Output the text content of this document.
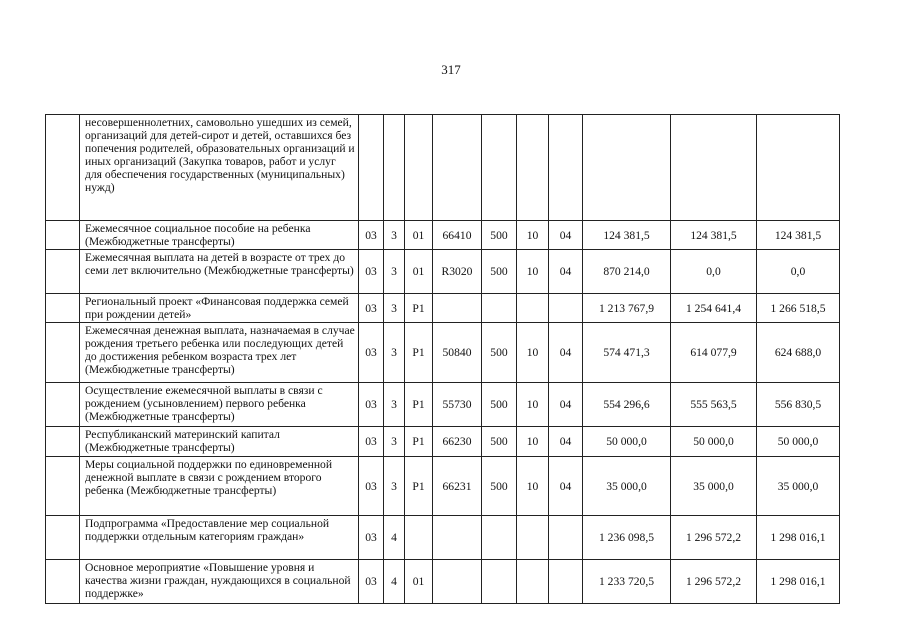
317
	несовершеннолетних, самовольно ушедших из семей, организаций для детей-сирот и детей, оставшихся без попечения родителей, образовательных организаций и иных организаций (Закупка товаров, работ и услуг для обеспечения государственных (муниципальных) нужд)										
	Ежемесячное социальное пособие на ребенка (Межбюджетные трансферты)	03	3	01	66410	500	10	04	124 381,5	124 381,5	124 381,5
	Ежемесячная выплата на детей в возрасте от трех до семи лет включительно (Межбюджетные трансферты)	03	3	01	R3020	500	10	04	870 214,0	0,0	0,0
	Региональный проект «Финансовая поддержка семей при рождении детей»	03	3	P1					1 213 767,9	1 254 641,4	1 266 518,5
	Ежемесячная денежная выплата, назначаемая в случае рождения третьего ребенка или последующих детей до достижения ребенком возраста трех лет (Межбюджетные трансферты)	03	3	P1	50840	500	10	04	574 471,3	614 077,9	624 688,0
	Осуществление ежемесячной выплаты в связи с рождением (усыновлением) первого ребенка (Межбюджетные трансферты)	03	3	P1	55730	500	10	04	554 296,6	555 563,5	556 830,5
	Республиканский материнский капитал (Межбюджетные трансферты)	03	3	P1	66230	500	10	04	50 000,0	50 000,0	50 000,0
	Меры социальной поддержки по единовременной денежной выплате в связи с рождением второго ребенка (Межбюджетные трансферты)	03	3	P1	66231	500	10	04	35 000,0	35 000,0	35 000,0
	Подпрограмма «Предоставление мер социальной поддержки отдельным категориям граждан»	03	4						1 236 098,5	1 296 572,2	1 298 016,1
	Основное мероприятие «Повышение уровня и качества жизни граждан, нуждающихся в социальной поддержке»	03	4	01					1 233 720,5	1 296 572,2	1 298 016,1
